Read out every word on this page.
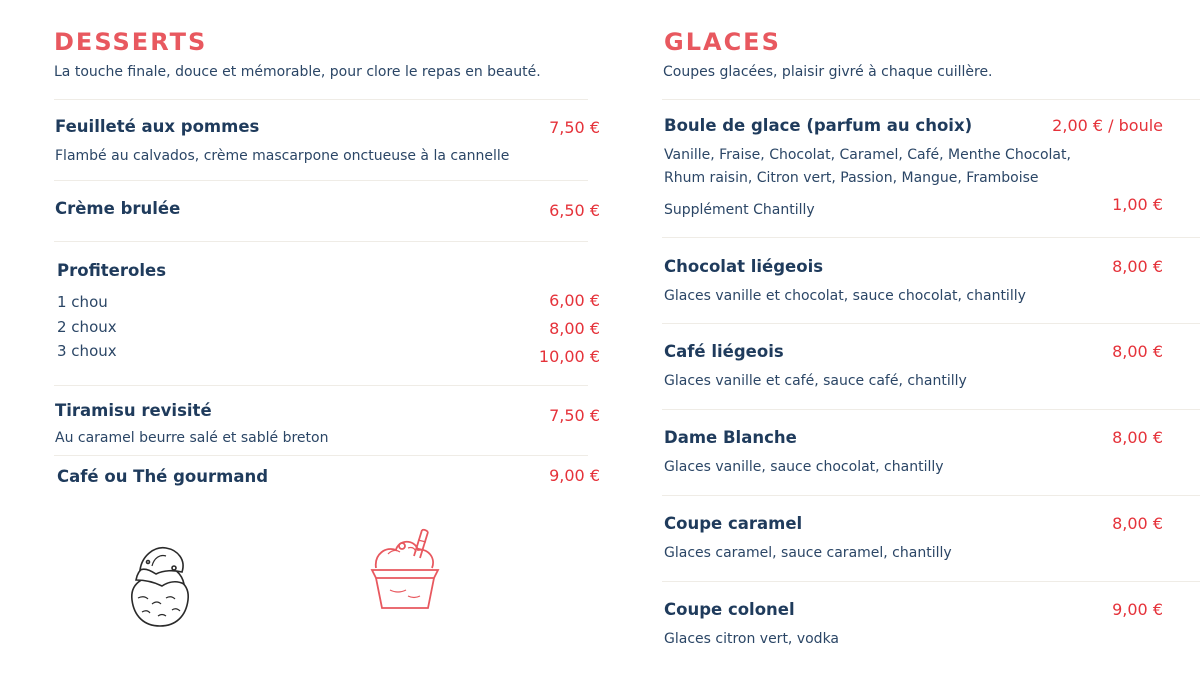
DESSERTS
La touche finale, douce et mémorable, pour clore le repas en beauté.
Feuilleté aux pommes	7,50 €
Flambé au calvados, crème mascarpone onctueuse à la cannelle
Crème brulée	6,50 €
Profiteroles
1 chou	6,00 €
2 choux	8,00 €
3 choux	10,00 €
Tiramisu revisité	7,50 €
Au caramel beurre salé et sablé breton
Café ou Thé gourmand	9,00 €
GLACES
Coupes glacées, plaisir givré à chaque cuillère.
Boule de glace (parfum au choix)	2,00 € / boule
Vanille, Fraise, Chocolat, Caramel, Café, Menthe Chocolat,
Rhum raisin, Citron vert, Passion, Mangue, Framboise
Supplément Chantilly	1,00 €
Chocolat liégeois	8,00 €
Glaces vanille et chocolat, sauce chocolat, chantilly
Café liégeois	8,00 €
Glaces vanille et café, sauce café, chantilly
Dame Blanche	8,00 €
Glaces vanille, sauce chocolat, chantilly
Coupe caramel	8,00 €
Glaces caramel, sauce caramel, chantilly
Coupe colonel	9,00 €
Glaces citron vert, vodka
